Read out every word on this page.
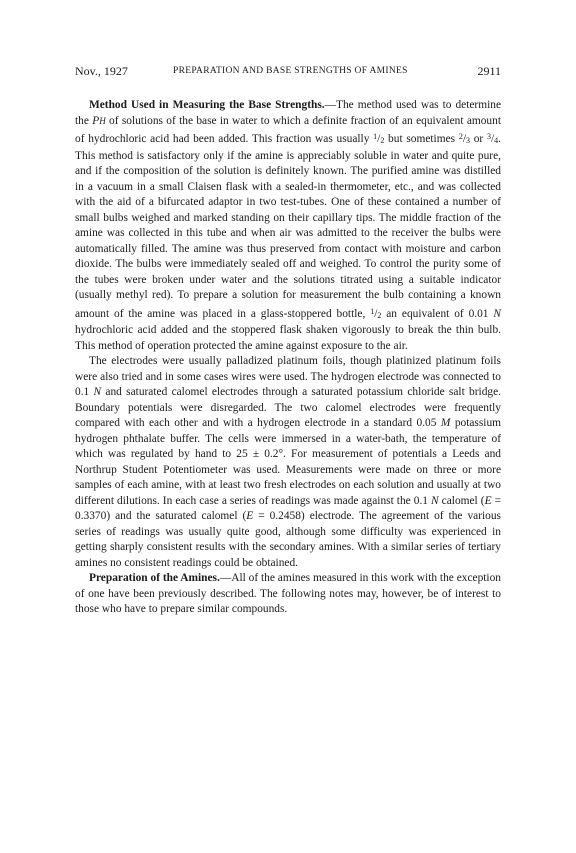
Nov., 1927	PREPARATION AND BASE STRENGTHS OF AMINES	2911

Method Used in Measuring the Base Strengths.—The method used was to determine the PH of solutions of the base in water to which a definite fraction of an equivalent amount of hydrochloric acid had been added. This fraction was usually $^1$/2 but sometimes $^2$/3 or $^3$/4. This method is satisfactory only if the amine is appreciably soluble in water and quite pure, and if the composition of the solution is definitely known. The purified amine was distilled in a vacuum in a small Claisen flask with a sealed-in thermometer, etc., and was collected with the aid of a bifurcated adaptor in two test-tubes. One of these contained a number of small bulbs weighed and marked standing on their capillary tips. The middle fraction of the amine was collected in this tube and when air was admitted to the receiver the bulbs were automatically filled. The amine was thus preserved from contact with moisture and carbon dioxide. The bulbs were immediately sealed off and weighed. To control the purity some of the tubes were broken under water and the solutions titrated using a suitable indicator (usually methyl red). To prepare a solution for measurement the bulb containing a known amount of the amine was placed in a glass-stoppered bottle, $^1$/2 an equivalent of 0.01 N hydrochloric acid added and the stoppered flask shaken vigorously to break the thin bulb. This method of operation protected the amine against exposure to the air.

The electrodes were usually palladized platinum foils, though platinized platinum foils were also tried and in some cases wires were used. The hydrogen electrode was connected to 0.1 N and saturated calomel electrodes through a saturated potassium chloride salt bridge. Boundary potentials were disregarded. The two calomel electrodes were frequently compared with each other and with a hydrogen electrode in a standard 0.05 M potassium hydrogen phthalate buffer. The cells were immersed in a water-bath, the temperature of which was regulated by hand to 25 ± 0.2°. For measurement of potentials a Leeds and Northrup Student Potentiometer was used. Measurements were made on three or more samples of each amine, with at least two fresh electrodes on each solution and usually at two different dilutions. In each case a series of readings was made against the 0.1 N calomel (E = 0.3370) and the saturated calomel (E = 0.2458) electrode. The agreement of the various series of readings was usually quite good, although some difficulty was experienced in getting sharply consistent results with the secondary amines. With a similar series of tertiary amines no consistent readings could be obtained.

Preparation of the Amines.—All of the amines measured in this work with the exception of one have been previously described. The following notes may, however, be of interest to those who have to prepare similar compounds.
